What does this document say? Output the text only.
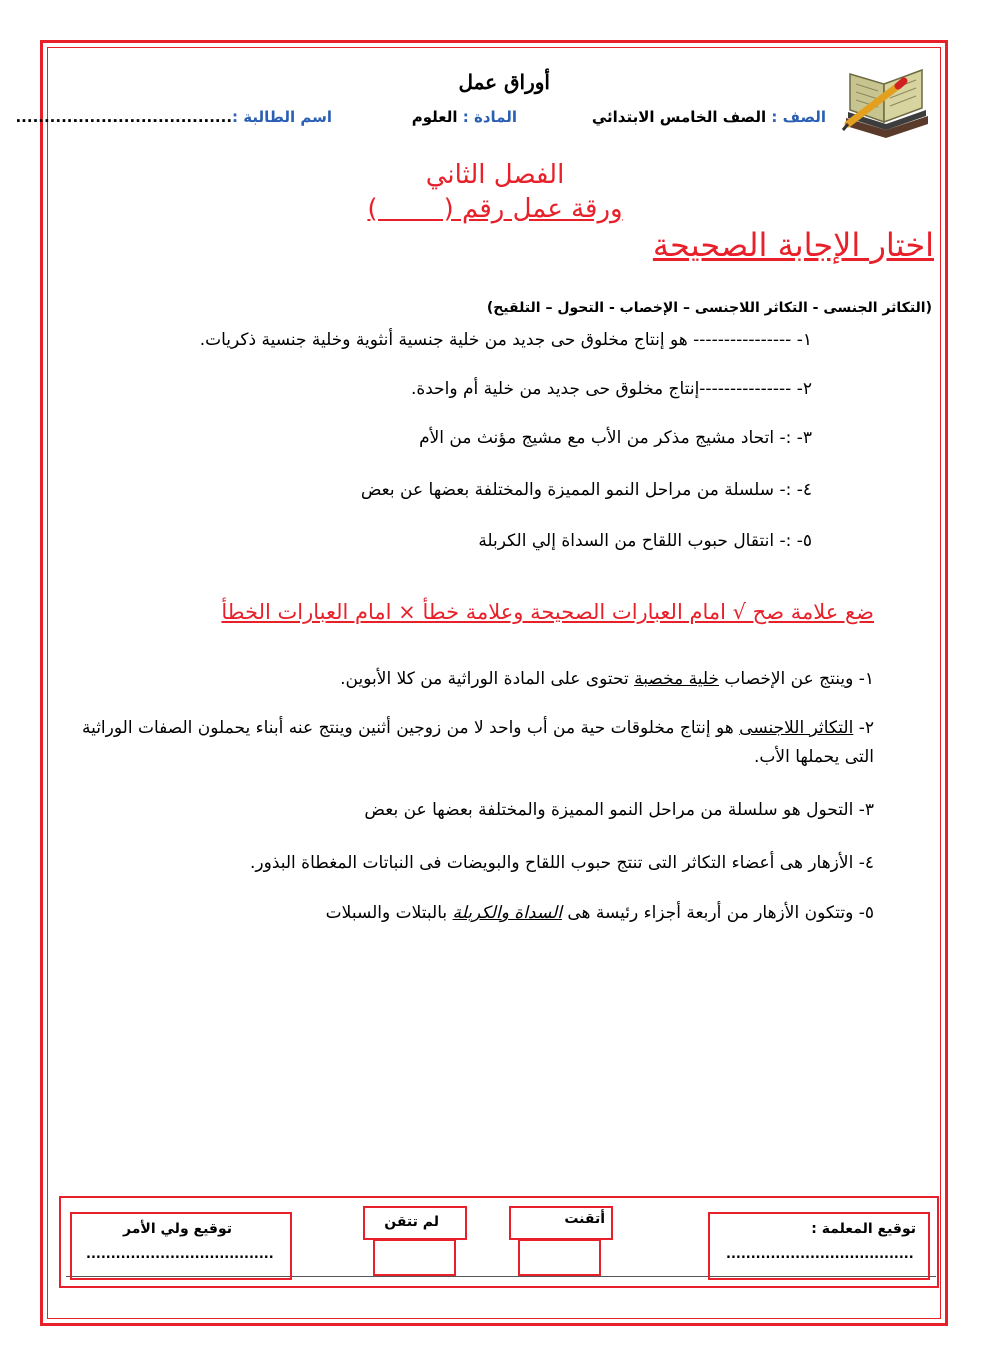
أوراق عمل
الصف : الصف الخامس الابتدائي
المادة : العلوم
اسم الطالبة :......................................
الفصل الثاني
ورقة عمل رقم (        )
اختار الإجابة الصحيحة
(التكاثر الجنسى - التكاثر اللاجنسى – الإخصاب - التحول – التلقيح)
١- ---------------- هو إنتاج مخلوق حى جديد من خلية جنسية أنثوية وخلية جنسية ذكريات.
٢- ---------------إنتاج مخلوق حى جديد من خلية أم واحدة.
٣- :- اتحاد مشيج مذكر من الأب مع مشيج مؤنث من الأم
٤- :- سلسلة من مراحل النمو المميزة والمختلفة بعضها عن بعض
٥- :- انتقال حبوب اللقاح من السداة إلي الكربلة
ضع علامة صح √ امام العبارات الصحيحة وعلامة خطأ × امام العبارات الخطأ
١- وينتج عن الإخصاب خلية مخصبة تحتوى على المادة الوراثية من كلا الأبوين.
٢- التكاثر اللاجنسى هو إنتاج مخلوقات حية من أب واحد لا من زوجين أثنين وينتج عنه أبناء يحملون الصفات الوراثية التى يحملها الأب.
٣- التحول هو سلسلة من مراحل النمو المميزة والمختلفة بعضها عن بعض
٤- الأزهار هى أعضاء التكاثر التى تنتج حبوب اللقاح والبويضات فى النباتات المغطاة البذور.
٥- وتتكون الأزهار من أربعة أجزاء رئيسة هى السداة والكربلة بالبتلات والسبلات
توقيع المعلمة :
......................................
أتقنت
لم تتقن
توقيع ولي الأمر
......................................
